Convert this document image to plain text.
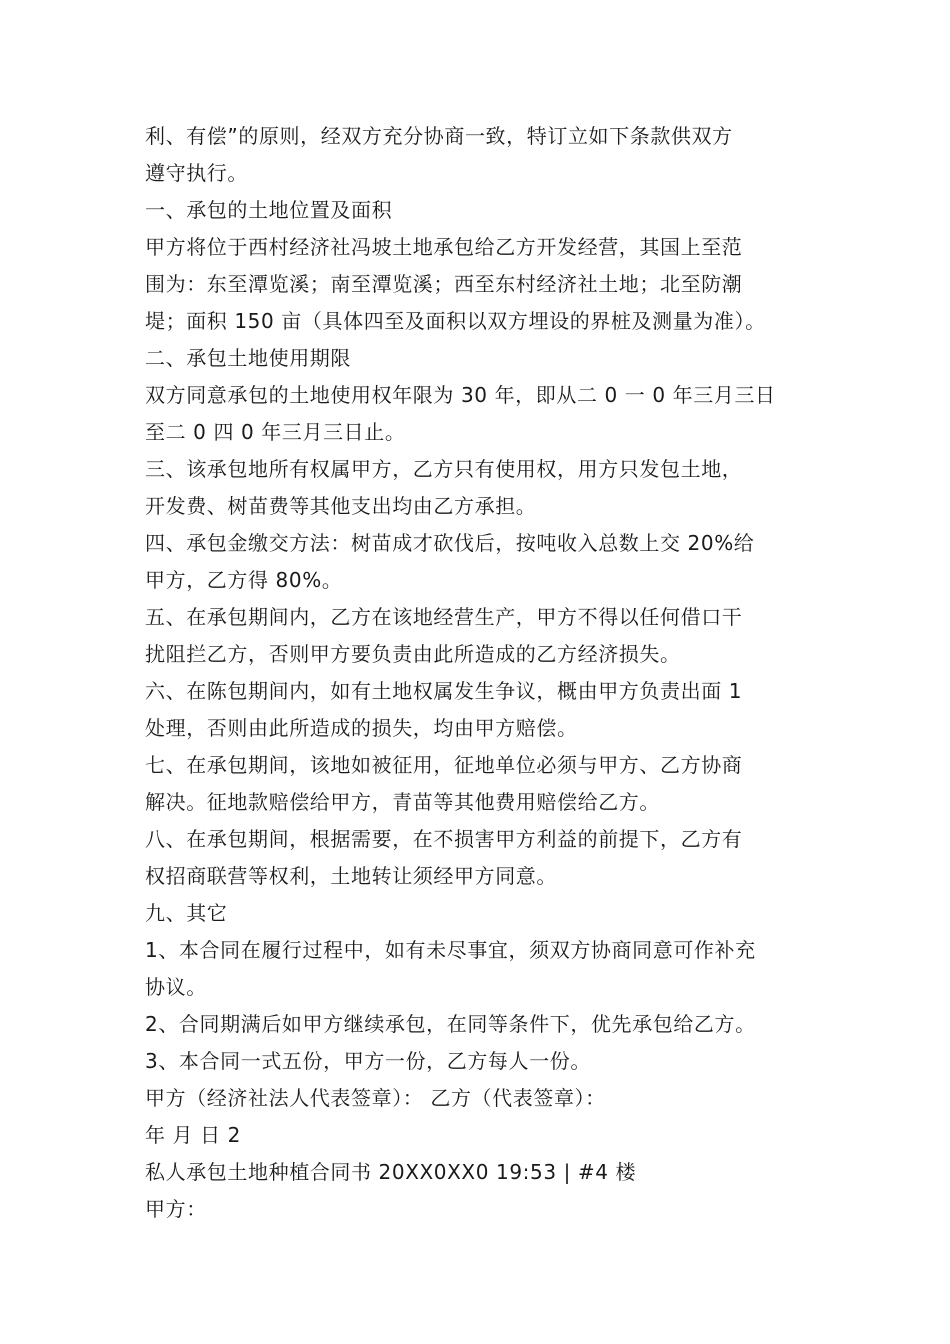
利、有偿”的原则，经双方充分协商一致，特订立如下条款供双方
遵守执行。
一、承包的土地位置及面积
甲方将位于西村经济社冯坡土地承包给乙方开发经营，其国上至范
围为：东至潭览溪；南至潭览溪；西至东村经济社土地；北至防潮
堤；面积 150 亩（具体四至及面积以双方埋设的界桩及测量为准）。
二、承包土地使用期限
双方同意承包的土地使用权年限为 30 年，即从二 0 一 0 年三月三日
至二 0 四 0 年三月三日止。
三、该承包地所有权属甲方，乙方只有使用权，用方只发包土地，
开发费、树苗费等其他支出均由乙方承担。
四、承包金缴交方法：树苗成才砍伐后，按吨收入总数上交 20%给
甲方，乙方得 80%。
五、在承包期间内，乙方在该地经营生产，甲方不得以任何借口干
扰阻拦乙方，否则甲方要负责由此所造成的乙方经济损失。
六、在陈包期间内，如有土地权属发生争议，概由甲方负责出面 1
处理，否则由此所造成的损失，均由甲方赔偿。
七、在承包期间，该地如被征用，征地单位必须与甲方、乙方协商
解决。征地款赔偿给甲方，青苗等其他费用赔偿给乙方。
八、在承包期间，根据需要，在不损害甲方利益的前提下，乙方有
权招商联营等权利，土地转让须经甲方同意。
九、其它
1、本合同在履行过程中，如有未尽事宜，须双方协商同意可作补充
协议。
2、合同期满后如甲方继续承包，在同等条件下，优先承包给乙方。
3、本合同一式五份，甲方一份，乙方每人一份。
甲方（经济社法人代表签章）： 乙方（代表签章）：
年 月 日 2
私人承包土地种植合同书 20XX0XX0 19:53 | #4 楼
甲方：
